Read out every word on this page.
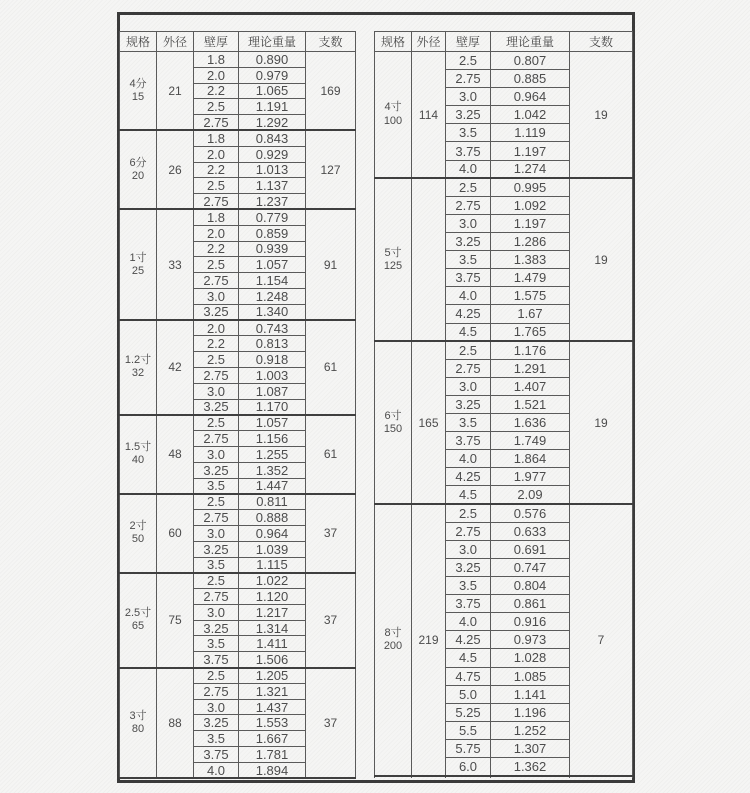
规格	外径	壁厚	理论重量	支数

4分
15	21	1.8	0.890	169
		2.0	0.979	
		2.2	1.065	
		2.5	1.191	
		2.75	1.292	

6分
20	26	1.8	0.843	127
		2.0	0.929	
		2.2	1.013	
		2.5	1.137	
		2.75	1.237	

1寸
25	33	1.8	0.779	91
		2.0	0.859	
		2.2	0.939	
		2.5	1.057	
		2.75	1.154	
		3.0	1.248	
		3.25	1.340	

1.2寸
32	42	2.0	0.743	61
		2.2	0.813	
		2.5	0.918	
		2.75	1.003	
		3.0	1.087	
		3.25	1.170	

1.5寸
40	48	2.5	1.057	61
		2.75	1.156	
		3.0	1.255	
		3.25	1.352	
		3.5	1.447	

2寸
50	60	2.5	0.811	37
		2.75	0.888	
		3.0	0.964	
		3.25	1.039	
		3.5	1.115	

2.5寸
65	75	2.5	1.022	37
		2.75	1.120	
		3.0	1.217	
		3.25	1.314	
		3.5	1.411	
		3.75	1.506	

3寸
80	88	2.5	1.205	37
		2.75	1.321	
		3.0	1.437	
		3.25	1.553	
		3.5	1.667	
		3.75	1.781	
		4.0	1.894	
规格	外径	壁厚	理论重量	支数

4寸
100	114	2.5	0.807	19
		2.75	0.885	
		3.0	0.964	
		3.25	1.042	
		3.5	1.119	
		3.75	1.197	
		4.0	1.274	

5寸
125		2.5	0.995	19
		2.75	1.092	
		3.0	1.197	
		3.25	1.286	
		3.5	1.383	
		3.75	1.479	
		4.0	1.575	
		4.25	1.67	
		4.5	1.765	

6寸
150	165	2.5	1.176	19
		2.75	1.291	
		3.0	1.407	
		3.25	1.521	
		3.5	1.636	
		3.75	1.749	
		4.0	1.864	
		4.25	1.977	
		4.5	2.09	

8寸
200	219	2.5	0.576	7
		2.75	0.633	
		3.0	0.691	
		3.25	0.747	
		3.5	0.804	
		3.75	0.861	
		4.0	0.916	
		4.25	0.973	
		4.5	1.028	
		4.75	1.085	
		5.0	1.141	
		5.25	1.196	
		5.5	1.252	
		5.75	1.307	
		6.0	1.362	
